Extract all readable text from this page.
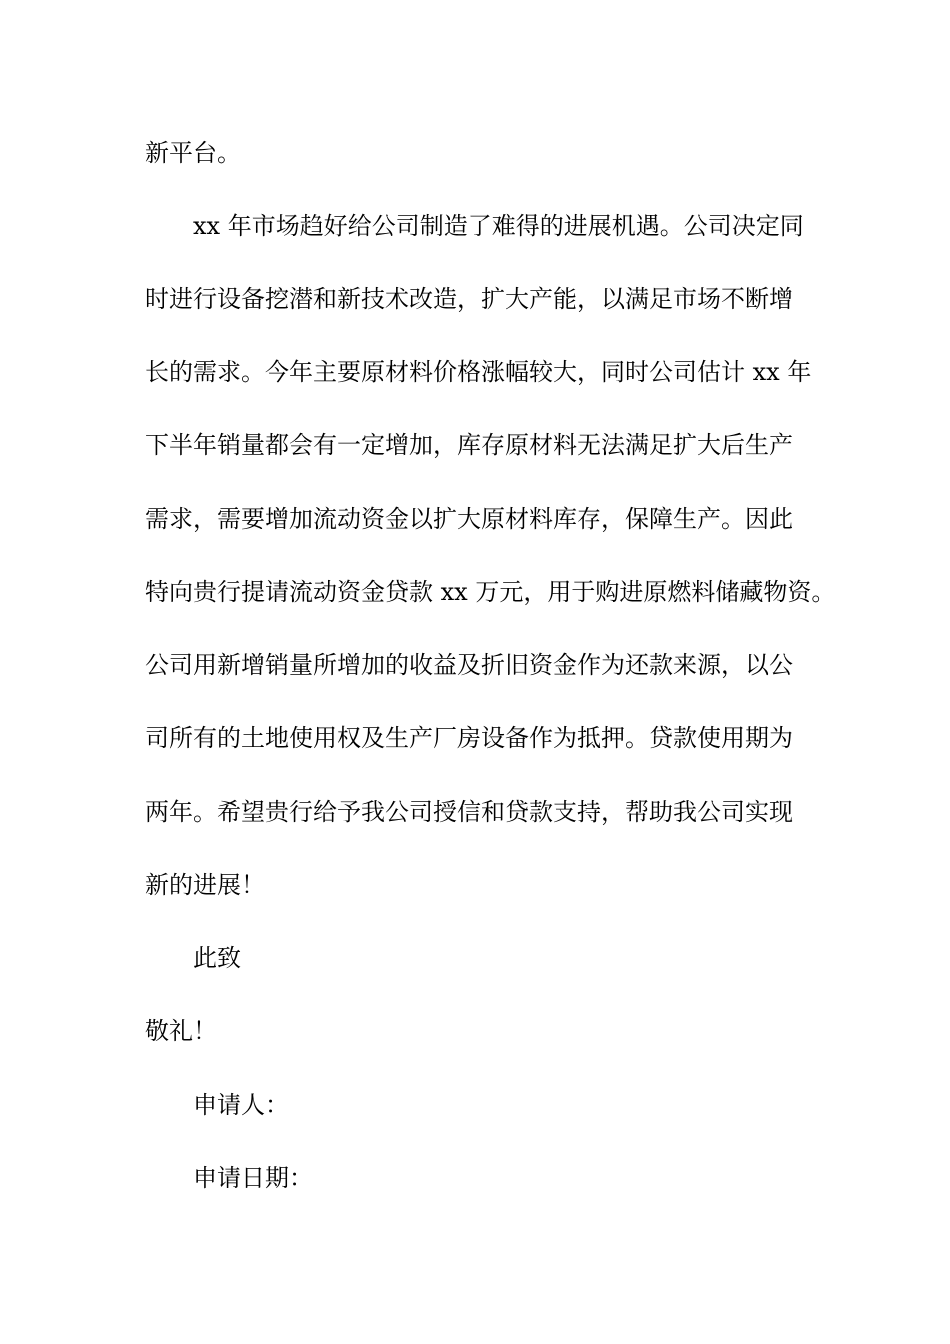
新平台。
xx 年市场趋好给公司制造了难得的进展机遇。公司决定同
时进行设备挖潜和新技术改造，扩大产能，以满足市场不断增
长的需求。今年主要原材料价格涨幅较大，同时公司估计 xx 年
下半年销量都会有一定增加，库存原材料无法满足扩大后生产
需求，需要增加流动资金以扩大原材料库存，保障生产。因此
特向贵行提请流动资金贷款 xx 万元，用于购进原燃料储藏物资。
公司用新增销量所增加的收益及折旧资金作为还款来源，以公
司所有的土地使用权及生产厂房设备作为抵押。贷款使用期为
两年。希望贵行给予我公司授信和贷款支持，帮助我公司实现
新的进展！
此致
敬礼！
申请人：
申请日期：
